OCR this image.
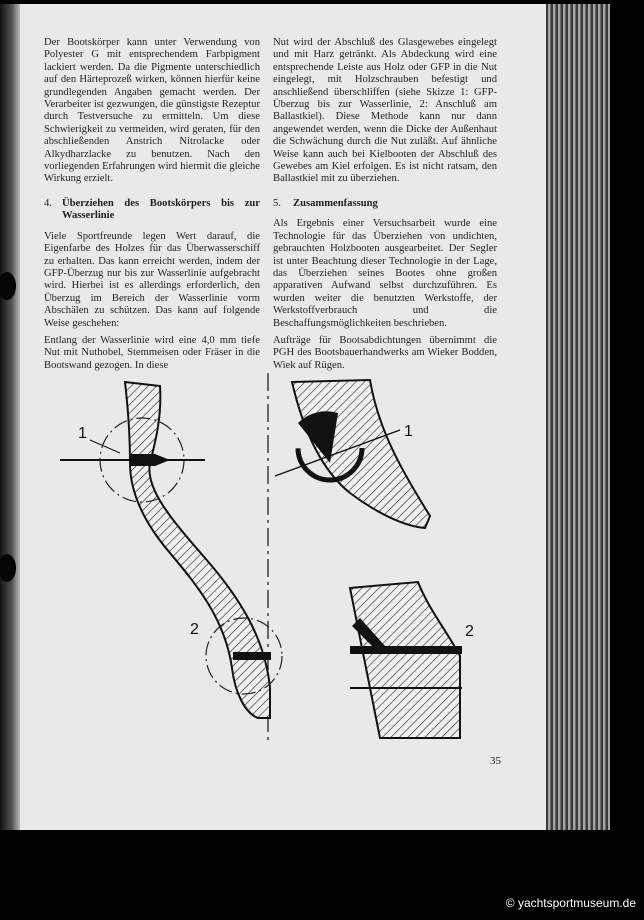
Der Bootskörper kann unter Verwendung von Polyester G mit entsprechendem Farbpigment lackiert werden. Da die Pigmente unterschiedlich auf den Härteprozeß wirken, können hierfür keine grundlegenden Angaben gemacht werden. Der Verarbeiter ist gezwungen, die günstigste Rezeptur durch Testversuche zu ermitteln. Um diese Schwierigkeit zu vermeiden, wird geraten, für den abschließenden Anstrich Nitrolacke oder Alkydharzlacke zu benutzen. Nach den vorliegenden Erfahrungen wird hiermit die gleiche Wirkung erzielt.

4. Überziehen des Bootskörpers bis zur Wasserlinie

Viele Sportfreunde legen Wert darauf, die Eigenfarbe des Holzes für das Überwasserschiff zu erhalten. Das kann erreicht werden, indem der GFP-Überzug nur bis zur Wasserlinie aufgebracht wird. Hierbei ist es allerdings erforderlich, den Überzug im Bereich der Wasserlinie vorm Abschälen zu schützen. Das kann auf folgende Weise geschehen:

Entlang der Wasserlinie wird eine 4,0 mm tiefe Nut mit Nuthobel, Stemmeisen oder Fräser in die Bootswand gezogen. In diese

Nut wird der Abschluß des Glasgewebes eingelegt und mit Harz getränkt. Als Abdeckung wird eine entsprechende Leiste aus Holz oder GFP in die Nut eingelegt, mit Holzschrauben befestigt und anschließend überschliffen (siehe Skizze 1: GFP-Überzug bis zur Wasserlinie, 2: Anschluß am Ballastkiel). Diese Methode kann nur dann angewendet werden, wenn die Dicke der Außenhaut die Schwächung durch die Nut zuläßt. Auf ähnliche Weise kann auch bei Kielbooten der Abschluß des Gewebes am Kiel erfolgen. Es ist nicht ratsam, den Ballastkiel mit zu überziehen.

5.	Zusammenfassung

Als Ergebnis einer Versuchsarbeit wurde eine Technologie für das Überziehen von undichten, gebrauchten Holzbooten ausgearbeitet. Der Segler ist unter Beachtung dieser Technologie in der Lage, das Überziehen seines Bootes ohne großen apparativen Aufwand selbst durchzuführen. Es wurden weiter die benutzten Werkstoffe, der Werkstoffverbrauch und die Beschaffungsmöglichkeiten beschrieben.

Aufträge für Bootsabdichtungen übernimmt die PGH des Bootsbauerhandwerks am Wieker Bodden, Wiek auf Rügen.

1
2
1
2
35
© yachtsportmuseum.de
